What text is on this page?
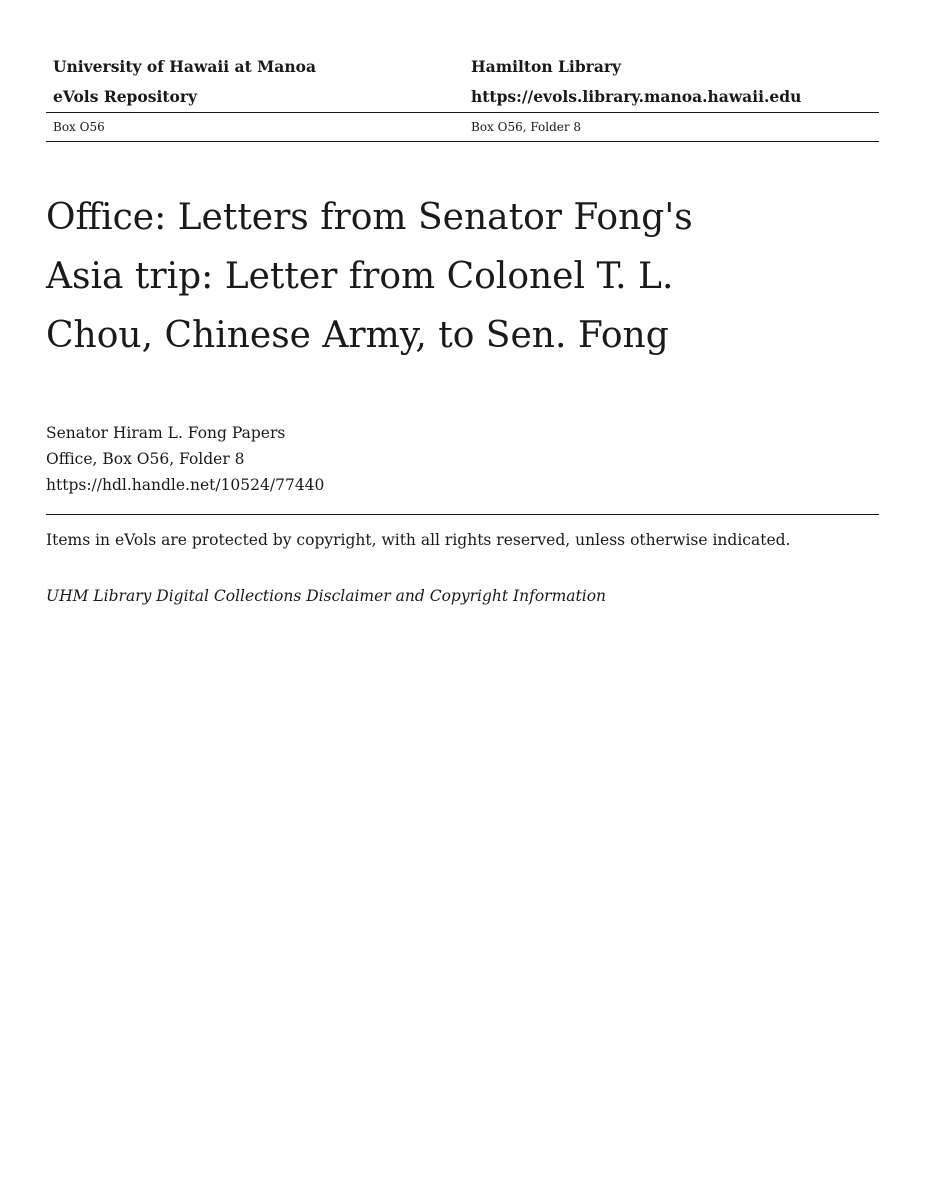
University of Hawaii at Manoa
eVols Repository
Hamilton Library
https://evols.library.manoa.hawaii.edu
Box O56	Box O56, Folder 8
Office: Letters from Senator Fong's
Asia trip: Letter from Colonel T. L.
Chou, Chinese Army, to Sen. Fong
Senator Hiram L. Fong Papers
Office, Box O56, Folder 8
https://hdl.handle.net/10524/77440
Items in eVols are protected by copyright, with all rights reserved, unless otherwise indicated.
UHM Library Digital Collections Disclaimer and Copyright Information
